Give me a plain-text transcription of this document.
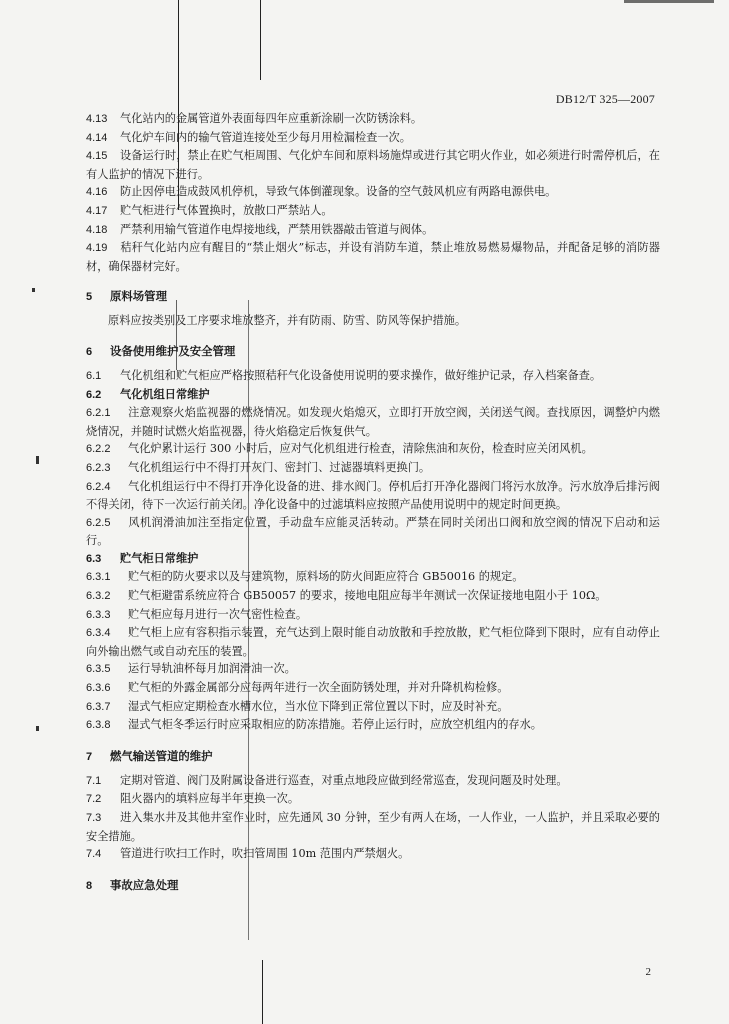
DB12/T 325—2007

4.13 气化站内的金属管道外表面每四年应重新涂刷一次防锈涂料。

4.14 气化炉车间内的输气管道连接处至少每月用检漏检查一次。

4.15 设备运行时，禁止在贮气柜周围、气化炉车间和原料场施焊或进行其它明火作业，如必须进行时需停机后，在有人监护的情况下进行。

4.16 防止因停电造成鼓风机停机，导致气体倒灌现象。设备的空气鼓风机应有两路电源供电。

4.17 贮气柜进行气体置换时，放散口严禁站人。

4.18 严禁利用输气管道作电焊接地线，严禁用铁器敲击管道与阀体。

4.19 秸秆气化站内应有醒目的“禁止烟火”标志，并设有消防车道，禁止堆放易燃易爆物品，并配备足够的消防器材，确保器材完好。

5 原料场管理

原料应按类别及工序要求堆放整齐，并有防雨、防雪、防风等保护措施。

6 设备使用维护及安全管理

6.1 气化机组和贮气柜应严格按照秸秆气化设备使用说明的要求操作，做好维护记录，存入档案备查。

6.2 气化机组日常维护

6.2.1 注意观察火焰监视器的燃烧情况。如发现火焰熄灭，立即打开放空阀，关闭送气阀。查找原因，调整炉内燃烧情况，并随时试燃火焰监视器，待火焰稳定后恢复供气。

6.2.2 气化炉累计运行 300 小时后，应对气化机组进行检查，清除焦油和灰份，检查时应关闭风机。

6.2.3 气化机组运行中不得打开灰门、密封门、过滤器填料更换门。

6.2.4 气化机组运行中不得打开净化设备的进、排水阀门。停机后打开净化器阀门将污水放净。污水放净后排污阀不得关闭，待下一次运行前关闭。净化设备中的过滤填料应按照产品使用说明中的规定时间更换。

6.2.5 风机润滑油加注至指定位置，手动盘车应能灵活转动。严禁在同时关闭出口阀和放空阀的情况下启动和运行。

6.3 贮气柜日常维护

6.3.1 贮气柜的防火要求以及与建筑物，原料场的防火间距应符合 GB50016 的规定。

6.3.2 贮气柜避雷系统应符合 GB50057 的要求，接地电阻应每半年测试一次保证接地电阻小于 10Ω。

6.3.3 贮气柜应每月进行一次气密性检查。

6.3.4 贮气柜上应有容积指示装置，充气达到上限时能自动放散和手控放散，贮气柜位降到下限时，应有自动停止向外输出燃气或自动充压的装置。

6.3.5 运行导轨油杯每月加润滑油一次。

6.3.6 贮气柜的外露金属部分应每两年进行一次全面防锈处理，并对升降机构检修。

6.3.7 湿式气柜应定期检查水槽水位，当水位下降到正常位置以下时，应及时补充。

6.3.8 湿式气柜冬季运行时应采取相应的防冻措施。若停止运行时，应放空机组内的存水。

7 燃气输送管道的维护

7.1 定期对管道、阀门及附属设备进行巡查，对重点地段应做到经常巡查，发现问题及时处理。

7.2 阻火器内的填料应每半年更换一次。

7.3 进入集水井及其他井室作业时，应先通风 30 分钟，至少有两人在场，一人作业，一人监护，并且采取必要的安全措施。

7.4 管道进行吹扫工作时，吹扫管周围 10m 范围内严禁烟火。

8 事故应急处理

2
